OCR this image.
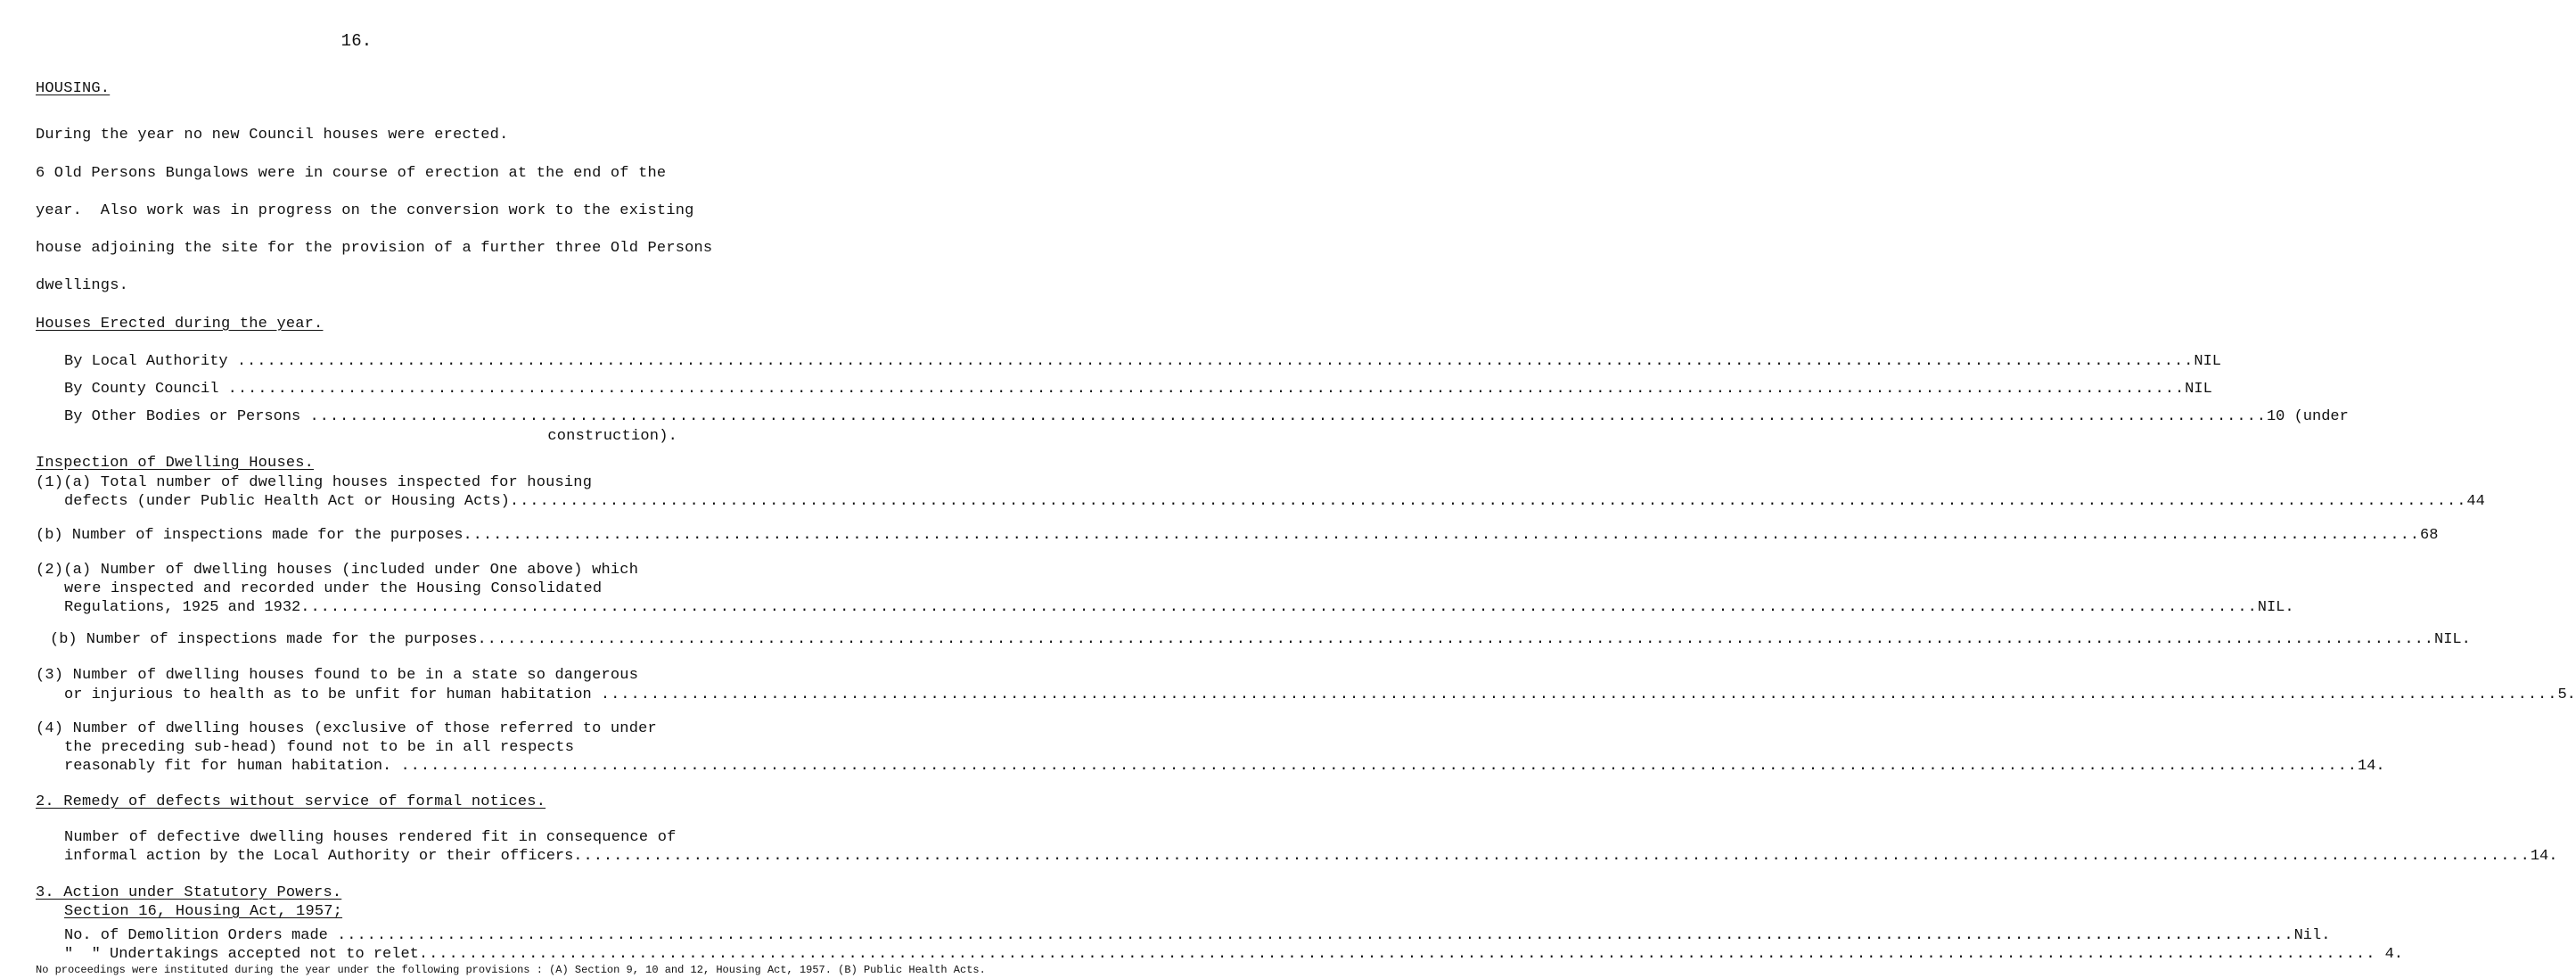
16.
HOUSING.
During the year no new Council houses were erected.
6 Old Persons Bungalows were in course of erection at the end of the
year.  Also work was in progress on the conversion work to the existing
house adjoining the site for the provision of a further three Old Persons
dwellings.
Houses Erected during the year.
By Local Authority .....	NIL
By County Council .....	NIL
By Other Bodies or Persons .....	10 (under
construction).
Inspection of Dwelling Houses.
(1)(a) Total number of dwelling houses inspected for housing
defects (under Public Health Act or Housing Acts) .....	44
(b) Number of inspections made for the purposes .....	68
(2)(a) Number of dwelling houses (included under One above) which
were inspected and recorded under the Housing Consolidated
Regulations, 1925 and 1932 .....	NIL.
(b) Number of inspections made for the purposes .....	NIL.
(3) Number of dwelling houses found to be in a state so dangerous
or injurious to health as to be unfit for human habitation .....	5.
(4) Number of dwelling houses (exclusive of those referred to under
the preceding sub-head) found not to be in all respects
reasonably fit for human habitation. .....	14.
2. Remedy of defects without service of formal notices.
Number of defective dwelling houses rendered fit in consequence of
informal action by the Local Authority or their officers .....	14.
3. Action under Statutory Powers.
Section 16, Housing Act, 1957;
No. of Demolition Orders made .....	Nil.
"  " Undertakings accepted not to relet .....	4.
No proceedings were instituted during the year under the following provisions : (A) Section 9, 10 and 12, Housing Act, 1957. (B) Public Health Acts.
